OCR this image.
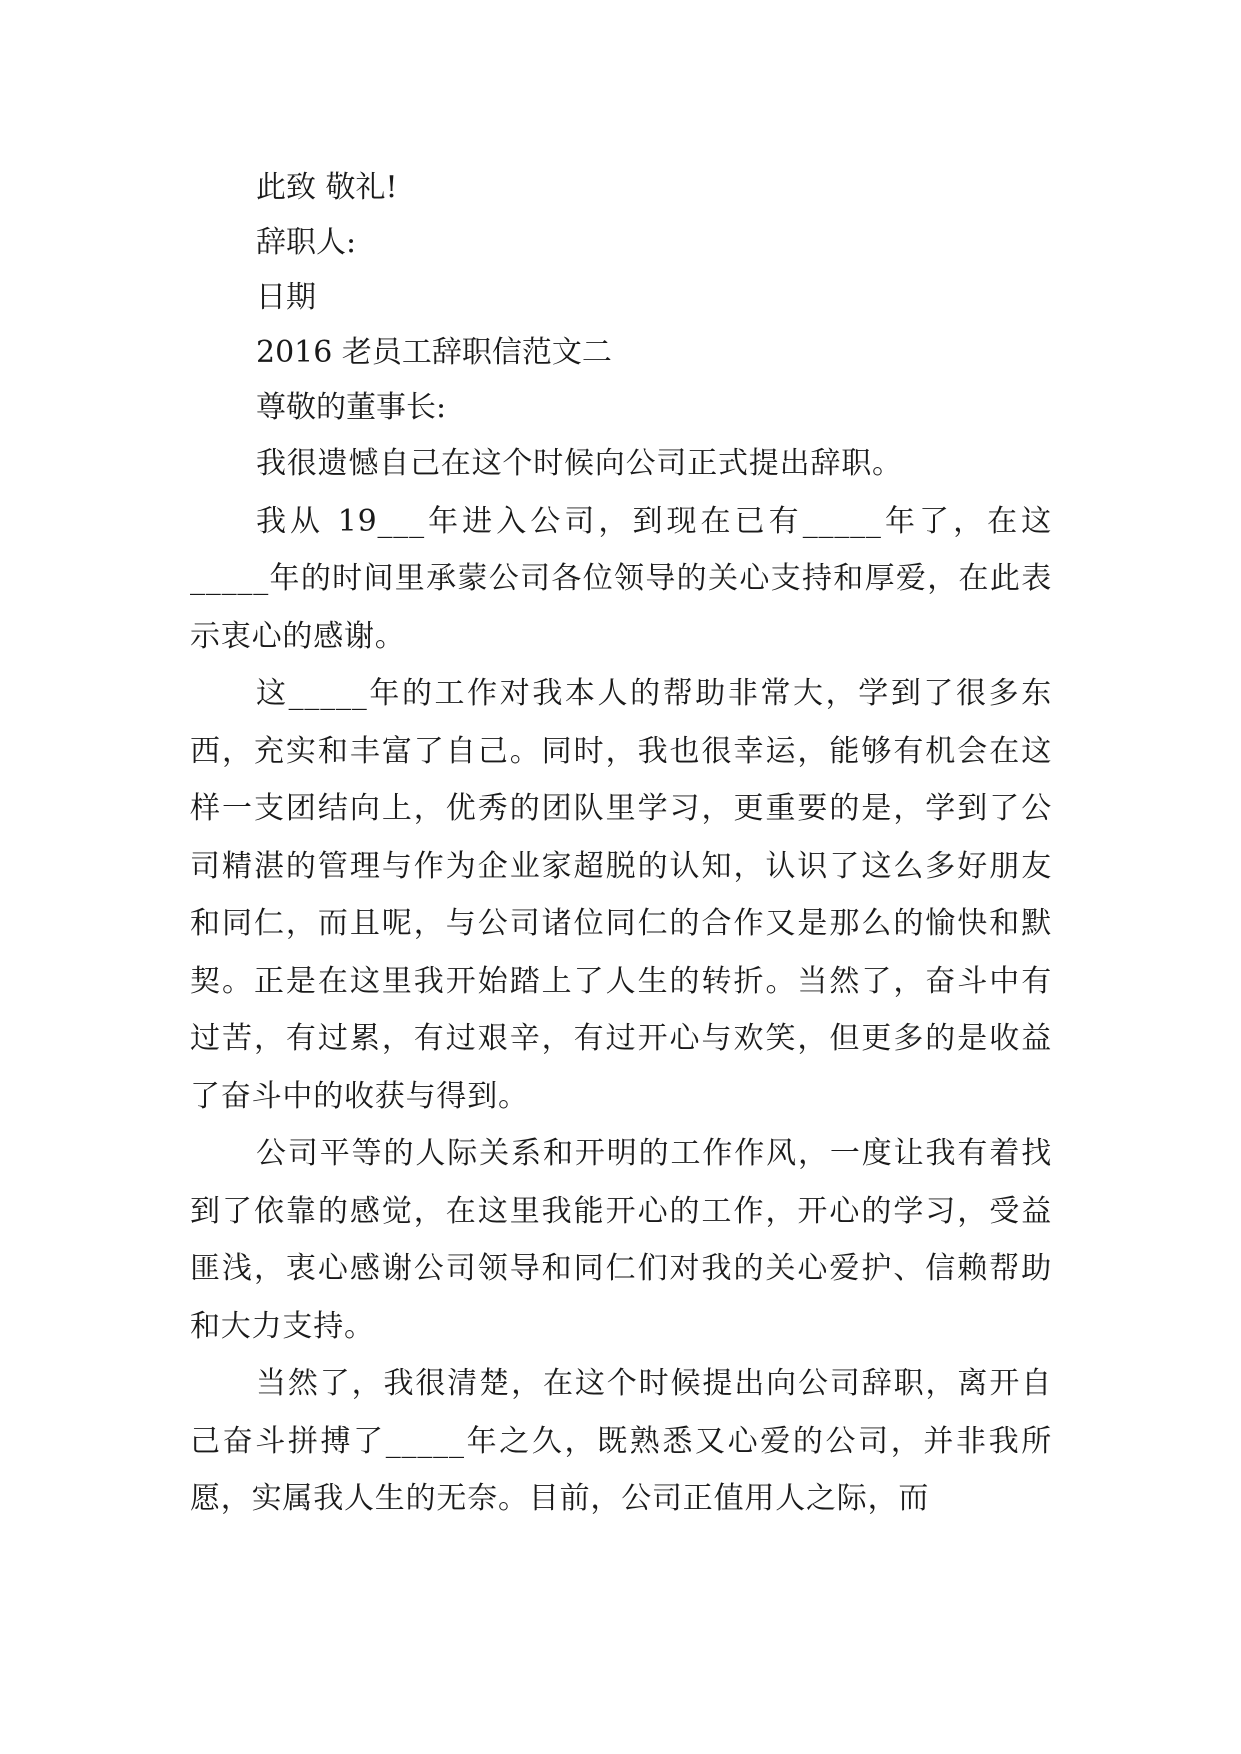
此致 敬礼!
辞职人:
日期
2016 老员工辞职信范文二
尊敬的董事长:

我很遗憾自己在这个时候向公司正式提出辞职。

我从 19___年进入公司，到现在已有_____年了，在这_____年的时间里承蒙公司各位领导的关心支持和厚爱，在此表示衷心的感谢。

这_____年的工作对我本人的帮助非常大，学到了很多东西，充实和丰富了自己。同时，我也很幸运，能够有机会在这样一支团结向上，优秀的团队里学习，更重要的是，学到了公司精湛的管理与作为企业家超脱的认知，认识了这么多好朋友和同仁，而且呢，与公司诸位同仁的合作又是那么的愉快和默契。正是在这里我开始踏上了人生的转折。当然了，奋斗中有过苦，有过累，有过艰辛，有过开心与欢笑，但更多的是收益了奋斗中的收获与得到。

公司平等的人际关系和开明的工作作风，一度让我有着找到了依靠的感觉，在这里我能开心的工作，开心的学习，受益匪浅，衷心感谢公司领导和同仁们对我的关心爱护、信赖帮助和大力支持。

当然了，我很清楚，在这个时候提出向公司辞职，离开自己奋斗拼搏了_____年之久，既熟悉又心爱的公司，并非我所愿，实属我人生的无奈。目前，公司正值用人之际，而
